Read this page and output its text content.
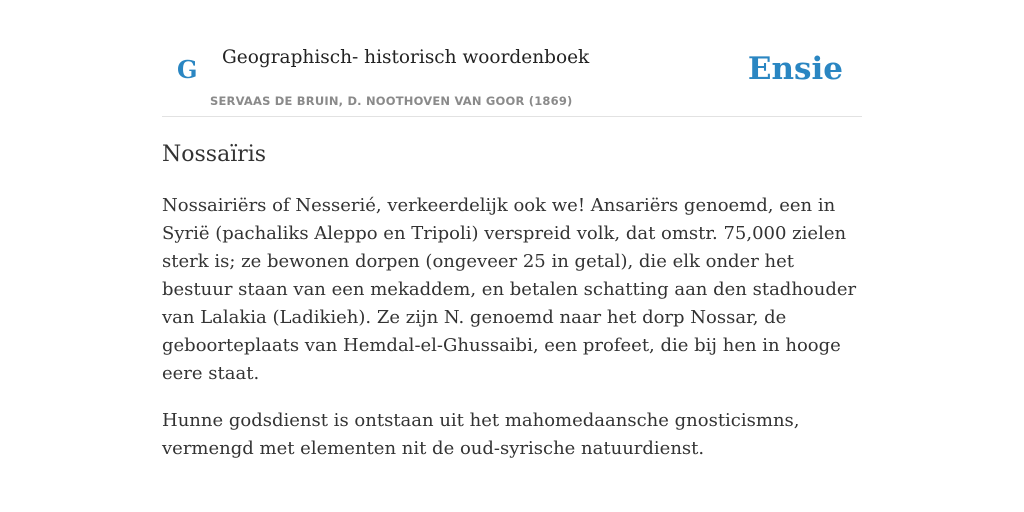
G Geographisch- historisch woordenboek
SERVAAS DE BRUIN, D. NOOTHOVEN VAN GOOR (1869)
Ensie
Nossaïris

Nossairiërs of Nesserié, verkeerdelijk ook we! Ansariërs genoemd, een in Syrië (pachaliks Aleppo en Tripoli) verspreid volk, dat omstr. 75,000 zielen sterk is; ze bewonen dorpen (ongeveer 25 in getal), die elk onder het bestuur staan van een mekaddem, en betalen schatting aan den stadhouder van Lalakia (Ladikieh). Ze zijn N. genoemd naar het dorp Nossar, de geboorteplaats van Hemdal-el-Ghussaibi, een profeet, die bij hen in hooge eere staat.

Hunne godsdienst is ontstaan uit het mahomedaansche gnosticismns, vermengd met elementen nit de oud-syrische natuurdienst.
